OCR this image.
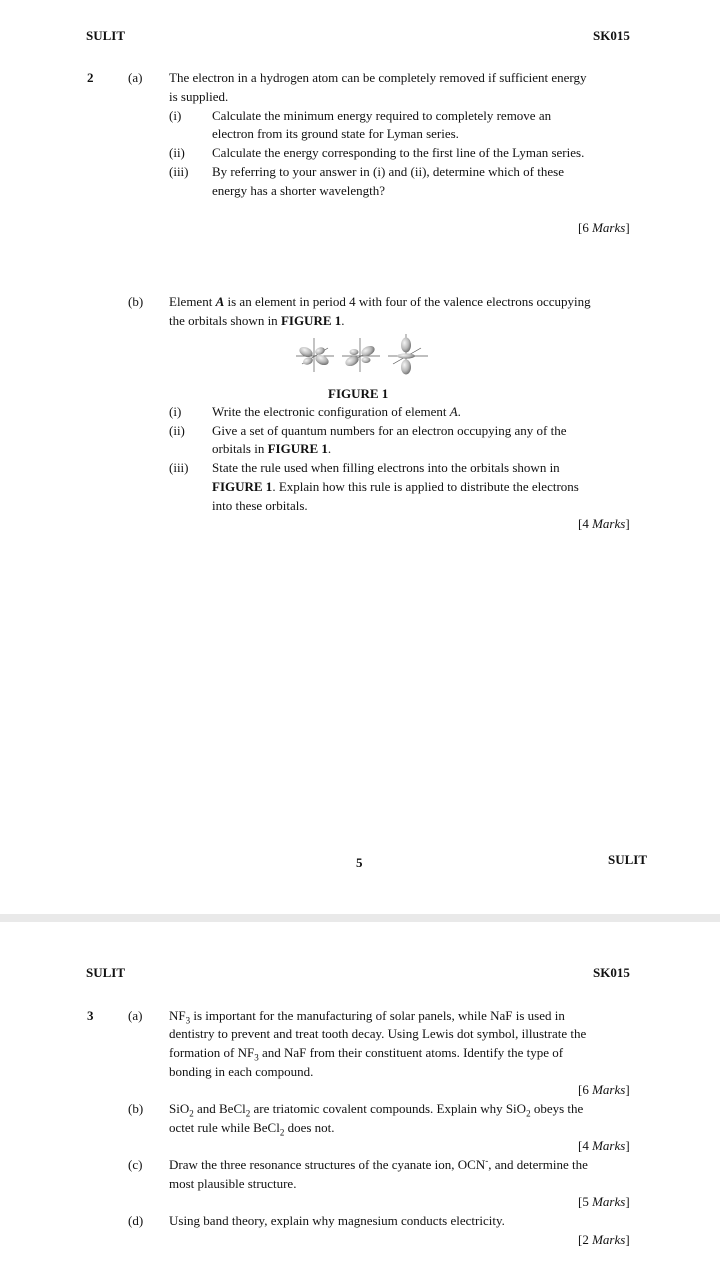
SULIT	SK015
2	(a) The electron in a hydrogen atom can be completely removed if sufficient energy
is supplied.
(i) Calculate the minimum energy required to completely remove an
electron from its ground state for Lyman series.
(ii) Calculate the energy corresponding to the first line of the Lyman series.
(iii) By referring to your answer in (i) and (ii), determine which of these
energy has a shorter wavelength?
[6 Marks]
(b) Element A is an element in period 4 with four of the valence electrons occupying
the orbitals shown in FIGURE 1.
FIGURE 1
(i) Write the electronic configuration of element A.
(ii) Give a set of quantum numbers for an electron occupying any of the
orbitals in FIGURE 1.
(iii) State the rule used when filling electrons into the orbitals shown in
FIGURE 1. Explain how this rule is applied to distribute the electrons
into these orbitals.
[4 Marks]
5	SULIT
SULIT	SK015
3	(a) $NF_3$ is important for the manufacturing of solar panels, while NaF is used in
dentistry to prevent and treat tooth decay. Using Lewis dot symbol, illustrate the
formation of $NF_3$ and NaF from their constituent atoms. Identify the type of
bonding in each compound.
[6 Marks]
(b) SiO$_2$ and BeCl$_2$ are triatomic covalent compounds. Explain why SiO$_2$ obeys the
octet rule while BeCl$_2$ does not.
[4 Marks]
(c) Draw the three resonance structures of the cyanate ion, OCN-, and determine the
most plausible structure.
[5 Marks]
(d) Using band theory, explain why magnesium conducts electricity.
[2 Marks]
